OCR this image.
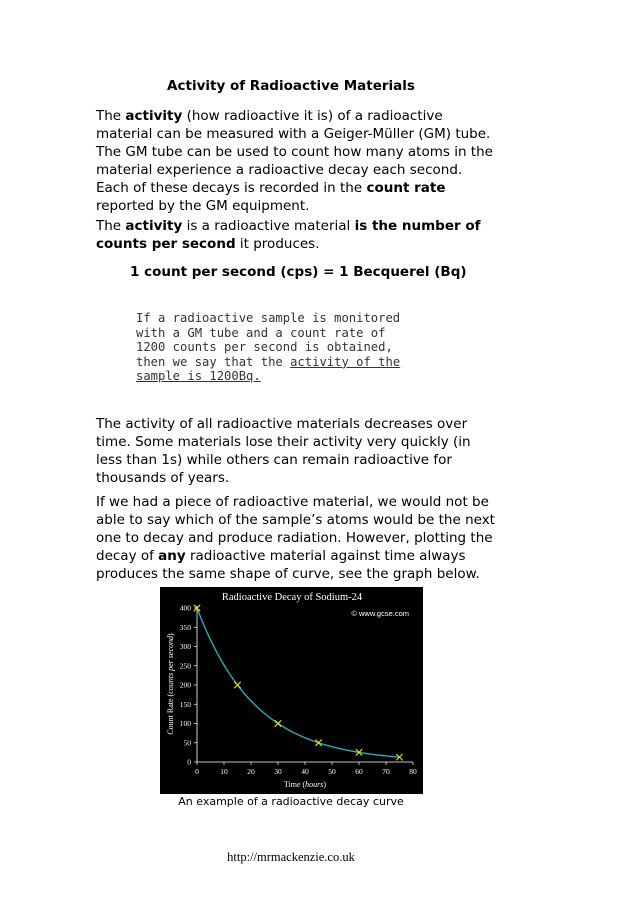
Activity of Radioactive Materials

The activity (how radioactive it is) of a radioactive material can be measured with a Geiger-Müller (GM) tube. The GM tube can be used to count how many atoms in the material experience a radioactive decay each second. Each of these decays is recorded in the count rate reported by the GM equipment.

The activity is a radioactive material is the number of counts per second it produces.

1 count per second (cps) = 1 Becquerel (Bq)
If a radioactive sample is monitored
with a GM tube and a count rate of
1200 counts per second is obtained,
then we say that the activity of the
sample is 1200Bq.

The activity of all radioactive materials decreases over time. Some materials lose their activity very quickly (in less than 1s) while others can remain radioactive for thousands of years.

If we had a piece of radioactive material, we would not be able to say which of the sample’s atoms would be the next one to decay and produce radiation. However, plotting the decay of any radioactive material against time always produces the same shape of curve, see the graph below.

Radioactive Decay of Sodium-24
© www.gcse.com
0
50
100
150
200
250
300
350
400
0	10	20	30	40	50	60	70	80
Time (hours)
Count Rate (counts per second)
An example of a radioactive decay curve
http://mrmackenzie.co.uk
